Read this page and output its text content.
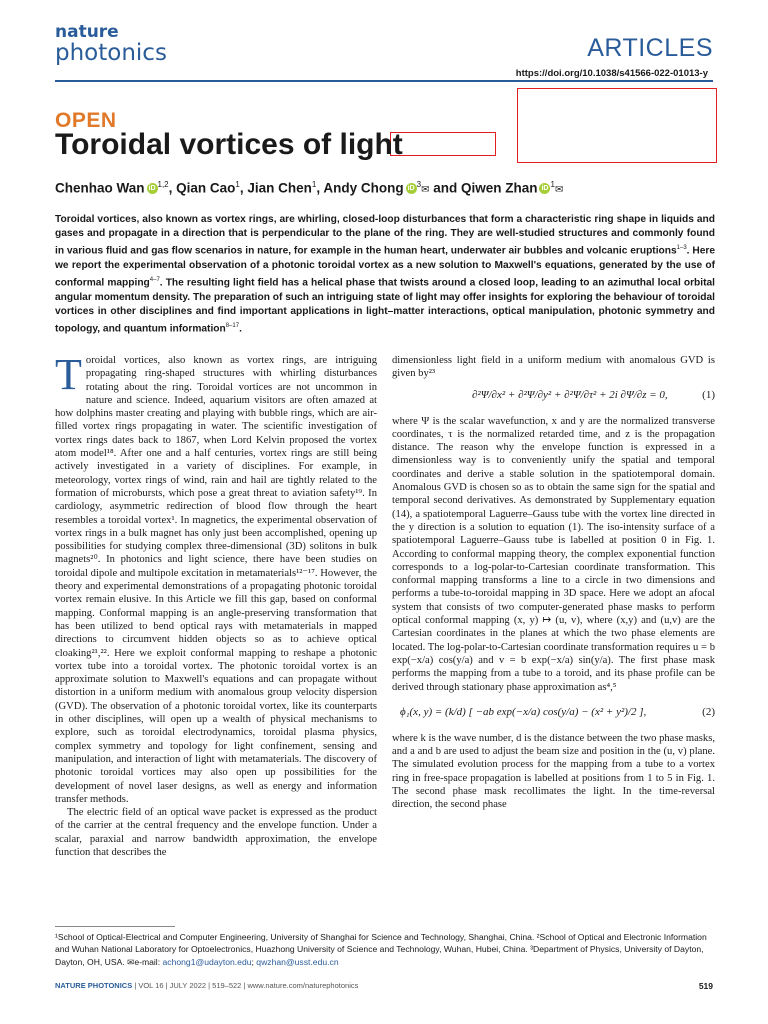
nature
photonics	ARTICLES
https://doi.org/10.1038/s41566-022-01013-y
OPEN
Toroidal vortices of light
Chenhao Wan iD $^{1,2}$, Qian Cao$^1$, Jian Chen$^1$, Andy Chong iD $^3$✉ and Qiwen Zhan iD $^1$✉
Toroidal vortices, also known as vortex rings, are whirling, closed-loop disturbances that form a characteristic ring shape in liquids and gases and propagate in a direction that is perpendicular to the plane of the ring. They are well-studied structures and commonly found in various fluid and gas flow scenarios in nature, for example in the human heart, underwater air bubbles and volcanic eruptions$^{1-3}$. Here we report the experimental observation of a photonic toroidal vortex as a new solution to Maxwell's equations, generated by the use of conformal mapping$^{4-7}$. The resulting light field has a helical phase that twists around a closed loop, leading to an azimuthal local orbital angular momentum density. The preparation of such an intriguing state of light may offer insights for exploring the behaviour of toroidal vortices in other disciplines and find important applications in light–matter interactions, optical manipulation, photonic symmetry and topology, and quantum information$^{8-17}$.

Toroidal vortices, also known as vortex rings, are intriguing propagating ring-shaped structures with whirling disturbances rotating about the ring. Toroidal vortices are not uncommon in nature and science. Indeed, aquarium visitors are often amazed at how dolphins master creating and playing with bubble rings, which are air-filled vortex rings propagating in water. The scientific investigation of vortex rings dates back to 1867, when Lord Kelvin proposed the vortex atom model¹⁸. After one and a half centuries, vortex rings are still being actively investigated in a variety of disciplines. For example, in meteorology, vortex rings of wind, rain and hail are tightly related to the formation of microbursts, which pose a great threat to aviation safety¹⁹. In cardiology, asymmetric redirection of blood flow through the heart resembles a toroidal vortex¹. In magnetics, the experimental observation of vortex rings in a bulk magnet has only just been accomplished, opening up possibilities for studying complex three-dimensional (3D) solitons in bulk magnets²⁰. In photonics and light science, there have been studies on toroidal dipole and multipole excitation in metamaterials¹²⁻¹⁷. However, the theory and experimental demonstrations of a propagating photonic toroidal vortex remain elusive. In this Article we fill this gap, based on conformal mapping. Conformal mapping is an angle-preserving transformation that has been utilized to bend optical rays with metamaterials in mapped directions to circumvent hidden objects so as to achieve optical cloaking²¹,²². Here we exploit conformal mapping to reshape a photonic vortex tube into a toroidal vortex. The photonic toroidal vortex is an approximate solution to Maxwell's equations and can propagate without distortion in a uniform medium with anomalous group velocity dispersion (GVD). The observation of a photonic toroidal vortex, like its counterparts in other disciplines, will open up a wealth of physical mechanisms to explore, such as toroidal electrodynamics, toroidal plasma physics, complex symmetry and topology for light confinement, sensing and manipulation, and interaction of light with metamaterials. The discovery of photonic toroidal vortices may also open up possibilities for the development of novel laser designs, as well as energy and information transfer methods.

The electric field of an optical wave packet is expressed as the product of the carrier at the central frequency and the envelope function. Under a scalar, paraxial and narrow bandwidth approximation, the envelope function that describes the

dimensionless light field in a uniform medium with anomalous GVD is given by²³

∂²Ψ/∂x² + ∂²Ψ/∂y² + ∂²Ψ/∂τ² + 2i ∂Ψ/∂z = 0,	(1)

where Ψ is the scalar wavefunction, x and y are the normalized transverse coordinates, τ is the normalized retarded time, and z is the propagation distance. The reason why the envelope function is expressed in a dimensionless way is to conveniently unify the spatial and temporal coordinates and derive a stable solution in the spatiotemporal domain. Anomalous GVD is chosen so as to obtain the same sign for the spatial and temporal second derivatives. As demonstrated by Supplementary equation (14), a spatiotemporal Laguerre–Gauss tube with the vortex line directed in the y direction is a solution to equation (1). The iso-intensity surface of a spatiotemporal Laguerre–Gauss tube is labelled at position 0 in Fig. 1. According to conformal mapping theory, the complex exponential function corresponds to a log-polar-to-Cartesian coordinate transformation. This conformal mapping transforms a line to a circle in two dimensions and performs a tube-to-toroidal mapping in 3D space. Here we adopt an afocal system that consists of two computer-generated phase masks to perform optical conformal mapping (x, y) ↦ (u, v), where (x,y) and (u,v) are the Cartesian coordinates in the planes at which the two phase elements are located. The log-polar-to-Cartesian coordinate transformation requires u = b exp(−x/a) cos(y/a) and v = b exp(−x/a) sin(y/a). The first phase mask performs the mapping from a tube to a toroid, and its phase profile can be derived through stationary phase approximation as⁴,⁵

ϕ₁(x, y) = (k/d) [ −ab exp(−x/a) cos(y/a) − (x² + y²)/2 ],	(2)

where k is the wave number, d is the distance between the two phase masks, and a and b are used to adjust the beam size and position in the (u, v) plane. The simulated evolution process for the mapping from a tube to a vortex ring in free-space propagation is labelled at positions from 1 to 5 in Fig. 1. The second phase mask recollimates the light. In the time-reversal direction, the second phase

¹School of Optical-Electrical and Computer Engineering, University of Shanghai for Science and Technology, Shanghai, China. ²School of Optical and Electronic Information and Wuhan National Laboratory for Optoelectronics, Huazhong University of Science and Technology, Wuhan, Hubei, China. ³Department of Physics, University of Dayton, Dayton, OH, USA. ✉e-mail: achong1@udayton.edu; qwzhan@usst.edu.cn
NATURE PHOTONICS | VOL 16 | JULY 2022 | 519–522 | www.nature.com/naturephotonics	519
